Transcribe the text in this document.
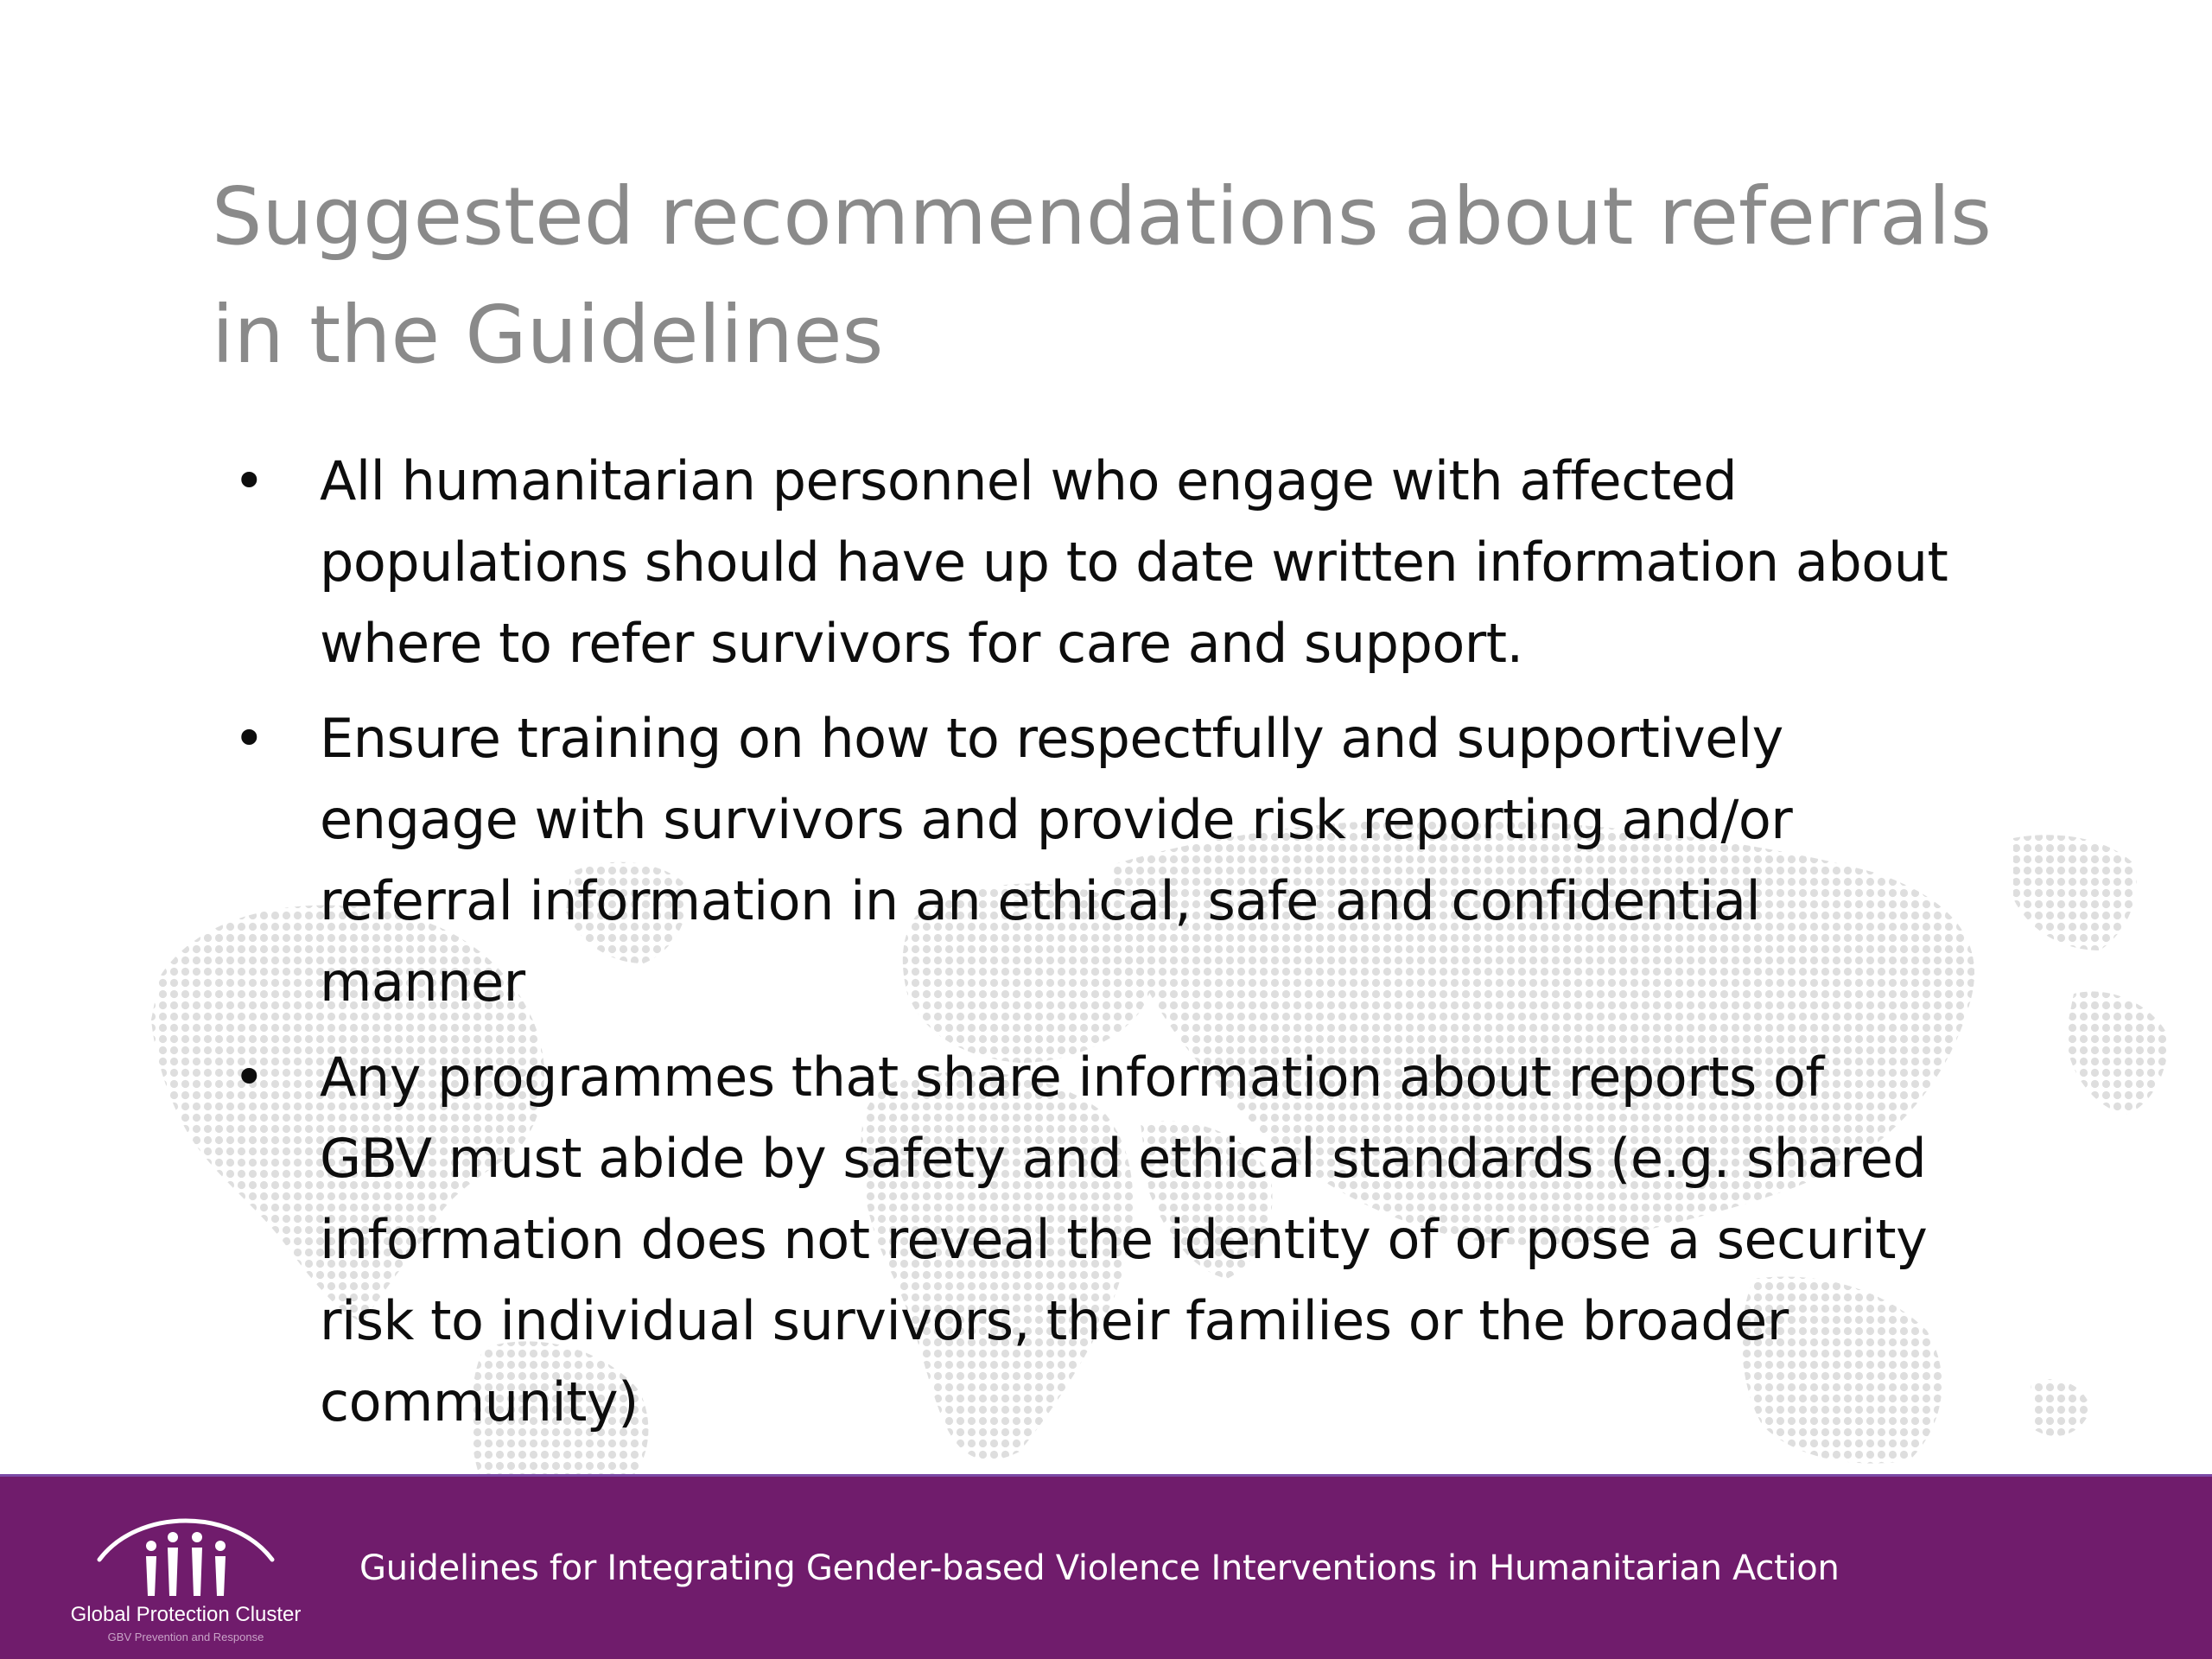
Suggested recommendations about referrals
in the Guidelines
• All humanitarian personnel who engage with affected populations should have up to date written information about where to refer survivors for care and support.
• Ensure training on how to respectfully and supportively engage with survivors and provide risk reporting and/or referral information in an ethical, safe and confidential manner
• Any programmes that share information about reports of GBV must abide by safety and ethical standards (e.g. shared information does not reveal the identity of or pose a security risk to individual survivors, their families or the broader community)
Global Protection Cluster
GBV Prevention and Response
Guidelines for Integrating Gender-based Violence Interventions in Humanitarian Action
